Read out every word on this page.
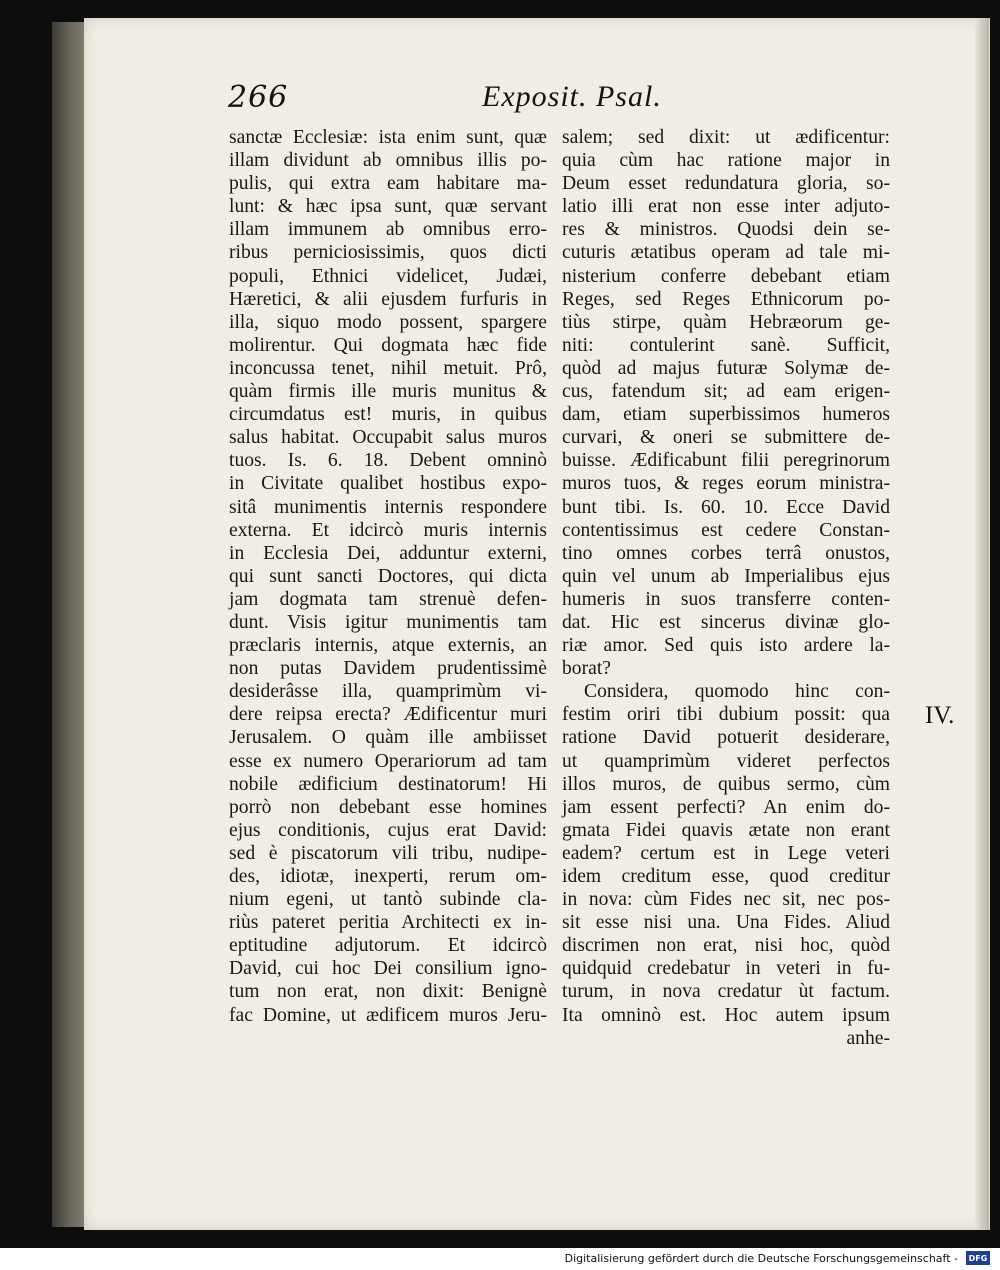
266	Exposit. Psal.
sanctæ Ecclesiæ: ista enim sunt, quæ
illam dividunt ab omnibus illis po-
pulis, qui extra eam habitare ma-
lunt: & hæc ipsa sunt, quæ servant
illam immunem ab omnibus erro-
ribus perniciosissimis, quos dicti
populi, Ethnici videlicet, Judæi,
Hæretici, & alii ejusdem furfuris in
illa, siquo modo possent, spargere
molirentur. Qui dogmata hæc fide
inconcussa tenet, nihil metuit. Prô,
quàm firmis ille muris munitus &
circumdatus est! muris, in quibus
salus habitat. Occupabit salus muros
tuos. Is. 6. 18. Debent omninò
in Civitate qualibet hostibus expo-
sitâ munimentis internis respondere
externa. Et idcircò muris internis
in Ecclesia Dei, adduntur externi,
qui sunt sancti Doctores, qui dicta
jam dogmata tam strenuè defen-
dunt. Visis igitur munimentis tam
præclaris internis, atque externis, an
non putas Davidem prudentissimè
desiderâsse illa, quamprimùm vi-
dere reipsa erecta? Ædificentur muri
Jerusalem. O quàm ille ambiisset
esse ex numero Operariorum ad tam
nobile ædificium destinatorum! Hi
porrò non debebant esse homines
ejus conditionis, cujus erat David:
sed è piscatorum vili tribu, nudipe-
des, idiotæ, inexperti, rerum om-
nium egeni, ut tantò subinde cla-
riùs pateret peritia Architecti ex in-
eptitudine adjutorum. Et idcircò
David, cui hoc Dei consilium igno-
tum non erat, non dixit: Benignè
fac Domine, ut ædificem muros Jeru-
salem; sed dixit: ut ædificentur:
quia cùm hac ratione major in
Deum esset redundatura gloria, so-
latio illi erat non esse inter adjuto-
res & ministros. Quodsi dein se-
cuturis ætatibus operam ad tale mi-
nisterium conferre debebant etiam
Reges, sed Reges Ethnicorum po-
tiùs stirpe, quàm Hebræorum ge-
niti: contulerint sanè. Sufficit,
quòd ad majus futuræ Solymæ de-
cus, fatendum sit; ad eam erigen-
dam, etiam superbissimos humeros
curvari, & oneri se submittere de-
buisse. Ædificabunt filii peregrinorum
muros tuos, & reges eorum ministra-
bunt tibi. Is. 60. 10. Ecce David
contentissimus est cedere Constan-
tino omnes corbes terrâ onustos,
quin vel unum ab Imperialibus ejus
humeris in suos transferre conten-
dat. Hic est sincerus divinæ glo-
riæ amor. Sed quis isto ardere la-
borat?
Considera, quomodo hinc con-
festim oriri tibi dubium possit: qua
ratione David potuerit desiderare,
ut quamprimùm videret perfectos
illos muros, de quibus sermo, cùm
jam essent perfecti? An enim do-
gmata Fidei quavis ætate non erant
eadem? certum est in Lege veteri
idem creditum esse, quod creditur
in nova: cùm Fides nec sit, nec pos-
sit esse nisi una. Una Fides. Aliud
discrimen non erat, nisi hoc, quòd
quidquid credebatur in veteri in fu-
turum, in nova credatur ùt factum.
Ita omninò est. Hoc autem ipsum
anhe-
IV.
Digitalisierung gefördert durch die Deutsche Forschungsgemeinschaft -	DFG
